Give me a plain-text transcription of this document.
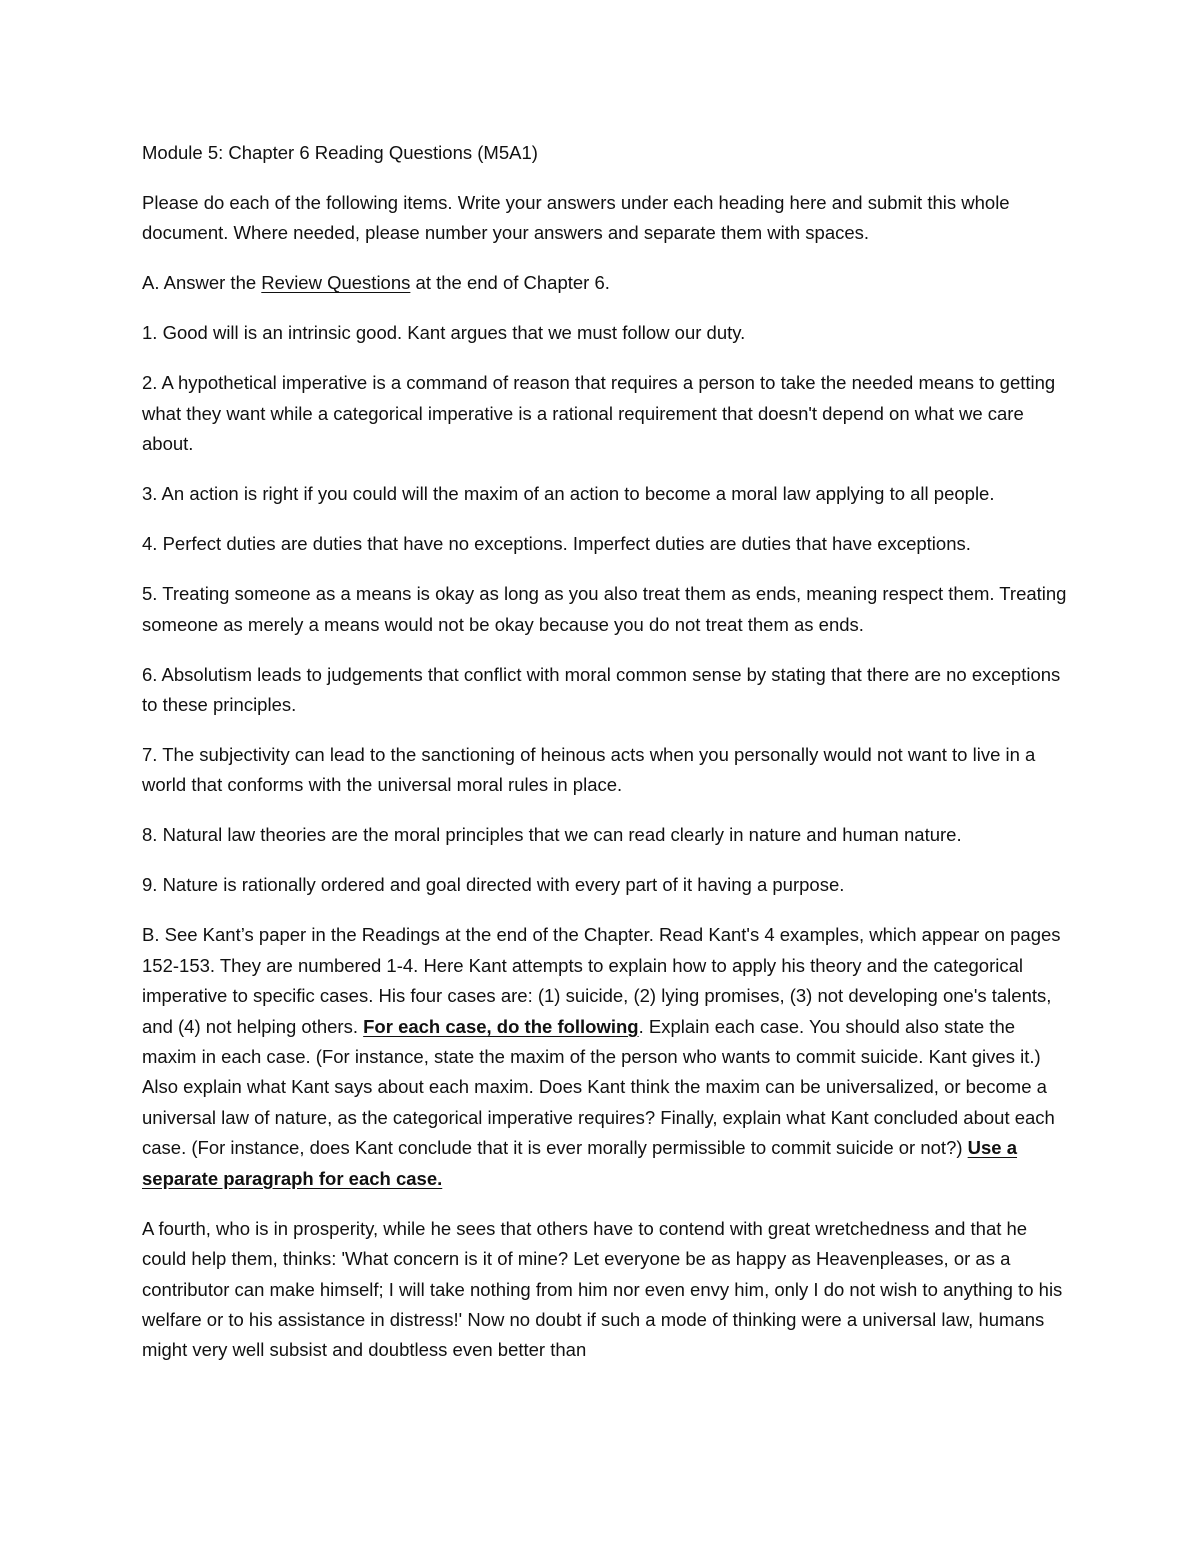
Module 5: Chapter 6 Reading Questions (M5A1)

Please do each of the following items. Write your answers under each heading here and submit this whole document. Where needed, please number your answers and separate them with spaces.

A. Answer the Review Questions at the end of Chapter 6.

1. Good will is an intrinsic good. Kant argues that we must follow our duty.

2. A hypothetical imperative is a command of reason that requires a person to take the needed means to getting what they want while a categorical imperative is a rational requirement that doesn't depend on what we care about.

3. An action is right if you could will the maxim of an action to become a moral law applying to all people.

4. Perfect duties are duties that have no exceptions. Imperfect duties are duties that have exceptions.

5. Treating someone as a means is okay as long as you also treat them as ends, meaning respect them. Treating someone as merely a means would not be okay because you do not treat them as ends.

6. Absolutism leads to judgements that conflict with moral common sense by stating that there are no exceptions to these principles.

7. The subjectivity can lead to the sanctioning of heinous acts when you personally would not want to live in a world that conforms with the universal moral rules in place.

8. Natural law theories are the moral principles that we can read clearly in nature and human nature.

9. Nature is rationally ordered and goal directed with every part of it having a purpose.

B. See Kant’s paper in the Readings at the end of the Chapter. Read Kant's 4 examples, which appear on pages 152-153. They are numbered 1-4. Here Kant attempts to explain how to apply his theory and the categorical imperative to specific cases. His four cases are: (1) suicide, (2) lying promises, (3) not developing one's talents, and (4) not helping others. For each case, do the following. Explain each case. You should also state the maxim in each case. (For instance, state the maxim of the person who wants to commit suicide. Kant gives it.) Also explain what Kant says about each maxim. Does Kant think the maxim can be universalized, or become a universal law of nature, as the categorical imperative requires? Finally, explain what Kant concluded about each case. (For instance, does Kant conclude that it is ever morally permissible to commit suicide or not?) Use a separate paragraph for each case.

A fourth, who is in prosperity, while he sees that others have to contend with great wretchedness and that he could help them, thinks: 'What concern is it of mine? Let everyone be as happy as Heavenpleases, or as a contributor can make himself; I will take nothing from him nor even envy him, only I do not wish to anything to his welfare or to his assistance in distress!' Now no doubt if such a mode of thinking were a universal law, humans might very well subsist and doubtless even better than
